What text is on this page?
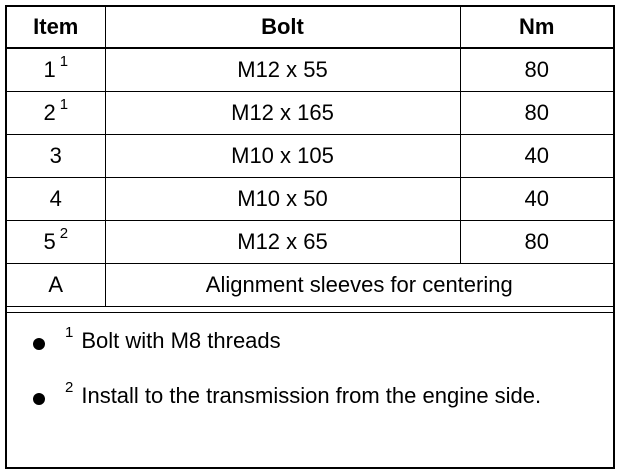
Item	Bolt	Nm
1 $^1$	M12 x 55	80
2 $^1$	M12 x 165	80
3	M10 x 105	40
4	M10 x 50	40
5 $^2$	M12 x 65	80
A	Alignment sleeves for centering	
$^1$ Bolt with M8 threads
$^2$ Install to the transmission from the engine side.
